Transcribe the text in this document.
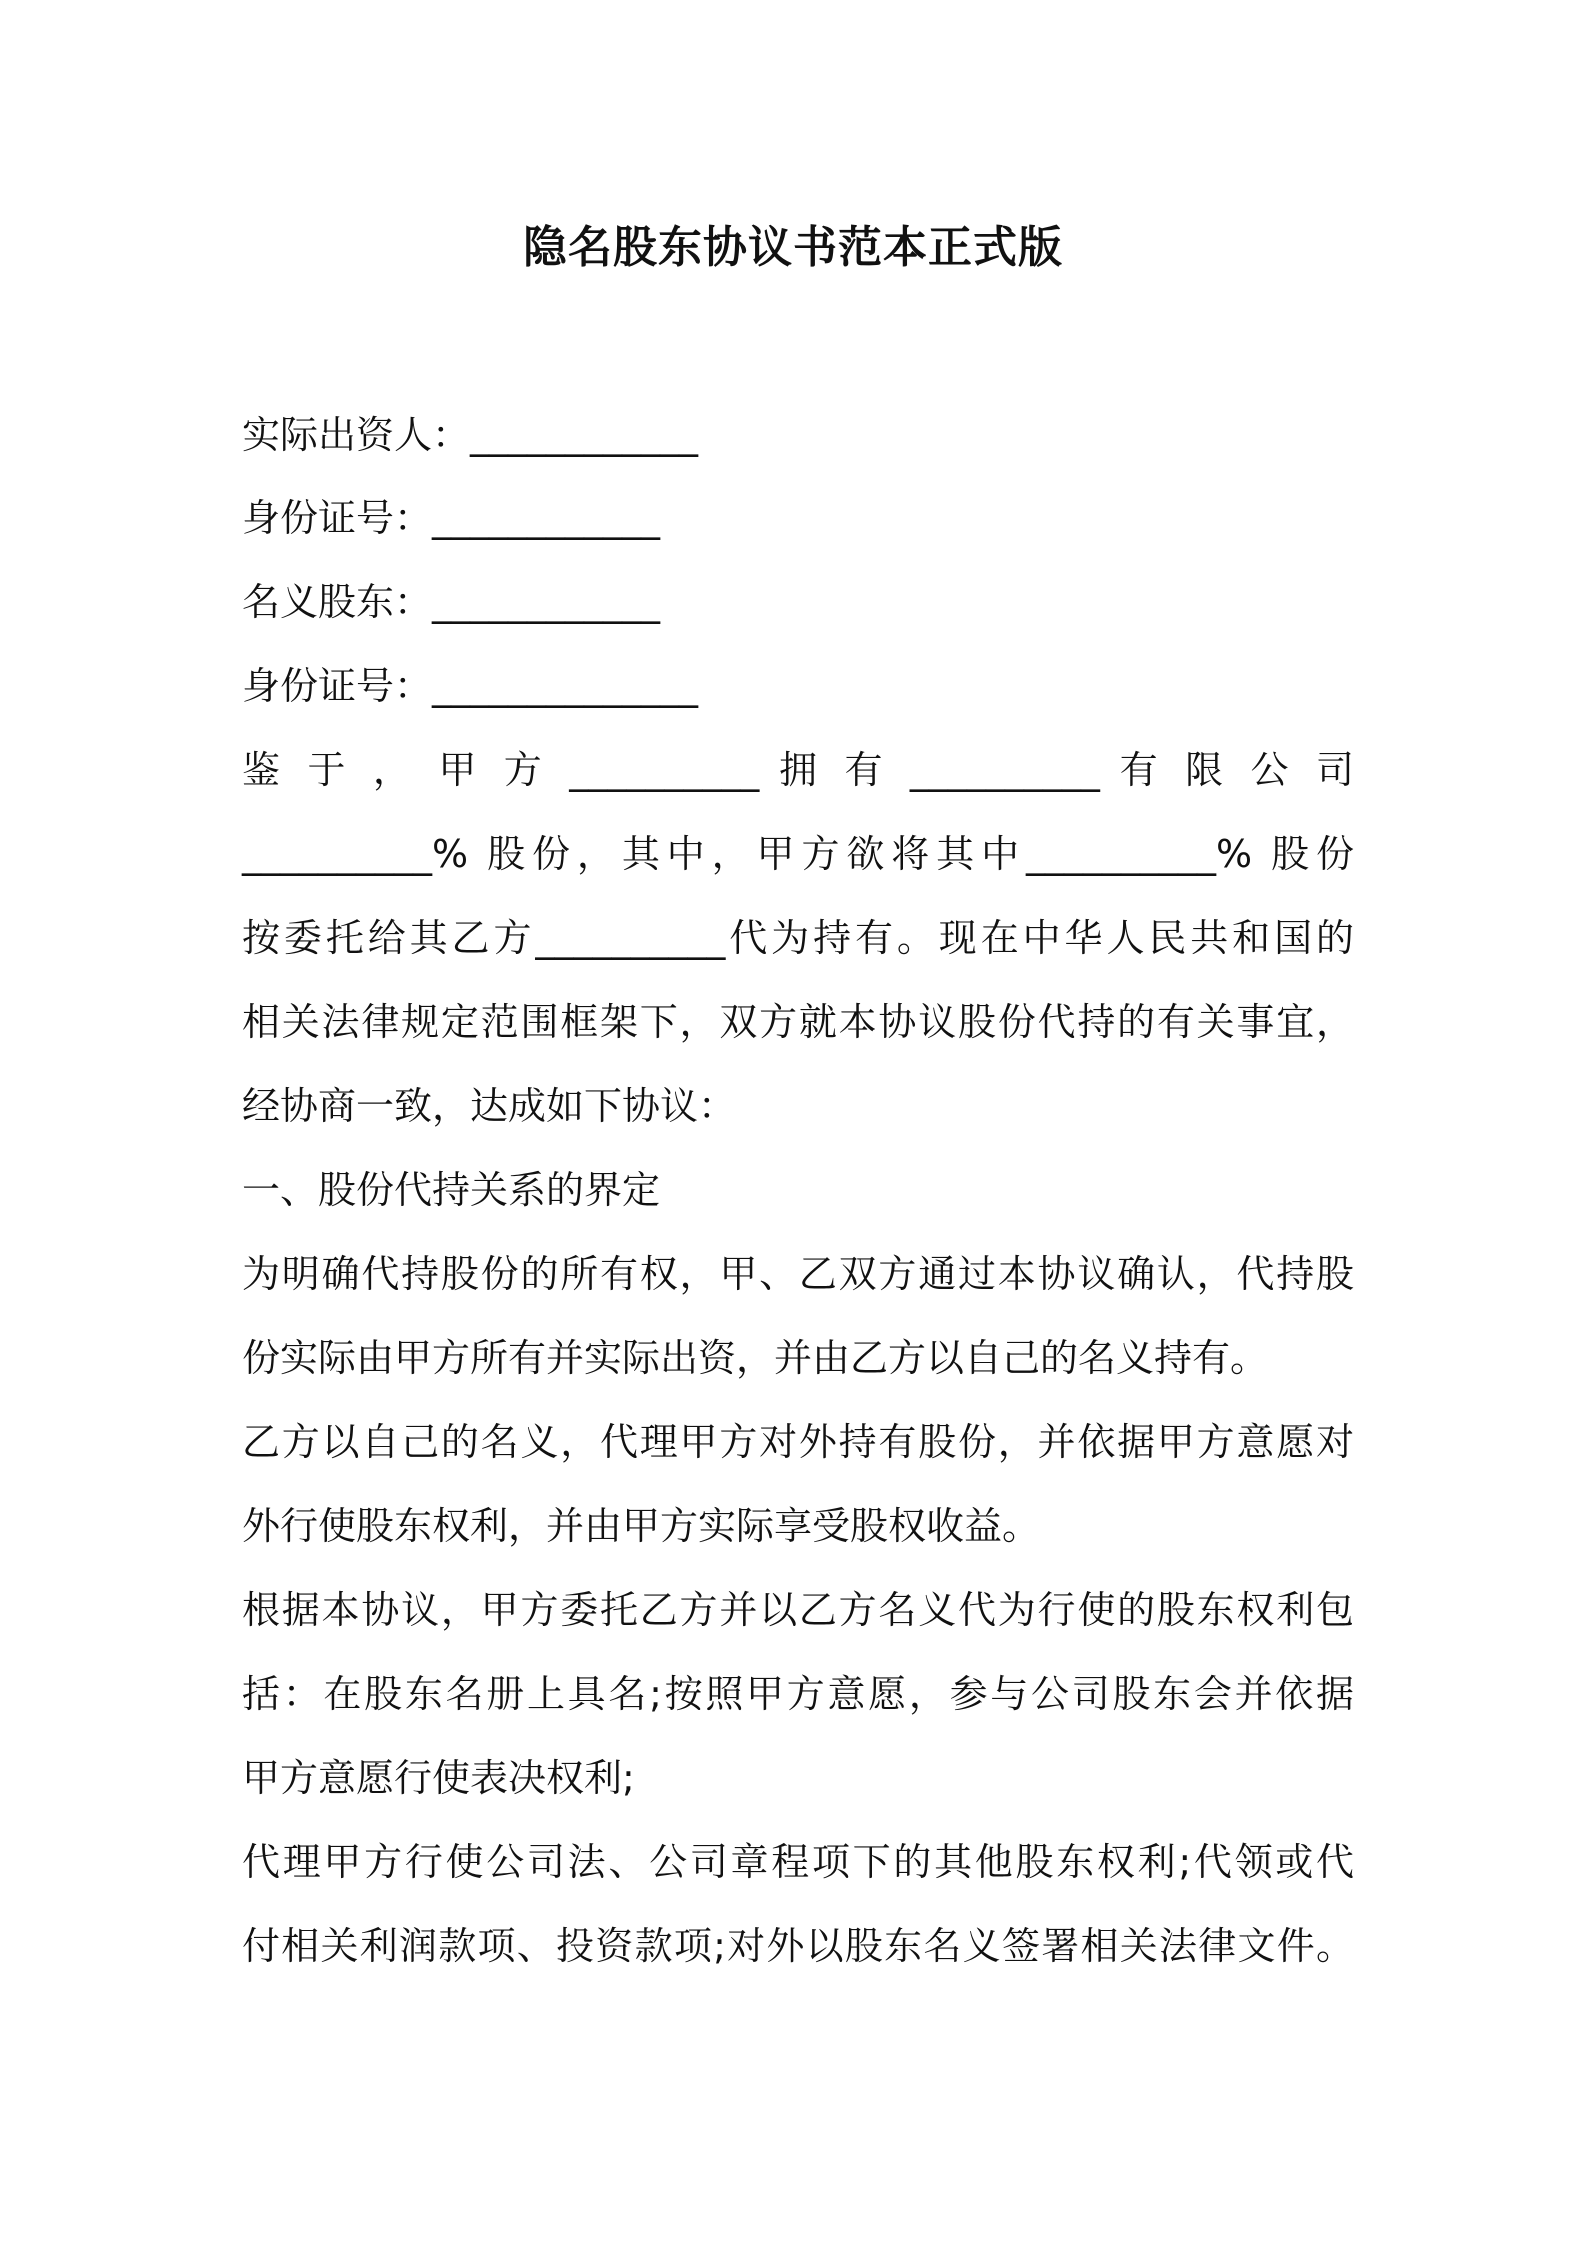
隐名股东协议书范本正式版
实际出资人：____________
身份证号：____________
名义股东：____________
身份证号：______________
鉴 于 ， 甲 方 __________ 拥 有 __________ 有 限 公 司
__________% 股份，其中，甲方欲将其中__________% 股份
按委托给其乙方__________代为持有。现在中华人民共和国的
相关法律规定范围框架下，双方就本协议股份代持的有关事宜，
经协商一致，达成如下协议：
一、股份代持关系的界定
为明确代持股份的所有权，甲、乙双方通过本协议确认，代持股
份实际由甲方所有并实际出资，并由乙方以自己的名义持有。
乙方以自己的名义，代理甲方对外持有股份，并依据甲方意愿对
外行使股东权利，并由甲方实际享受股权收益。
根据本协议，甲方委托乙方并以乙方名义代为行使的股东权利包
括：在股东名册上具名;按照甲方意愿，参与公司股东会并依据
甲方意愿行使表决权利;
代理甲方行使公司法、公司章程项下的其他股东权利;代领或代
付相关利润款项、投资款项;对外以股东名义签署相关法律文件。
